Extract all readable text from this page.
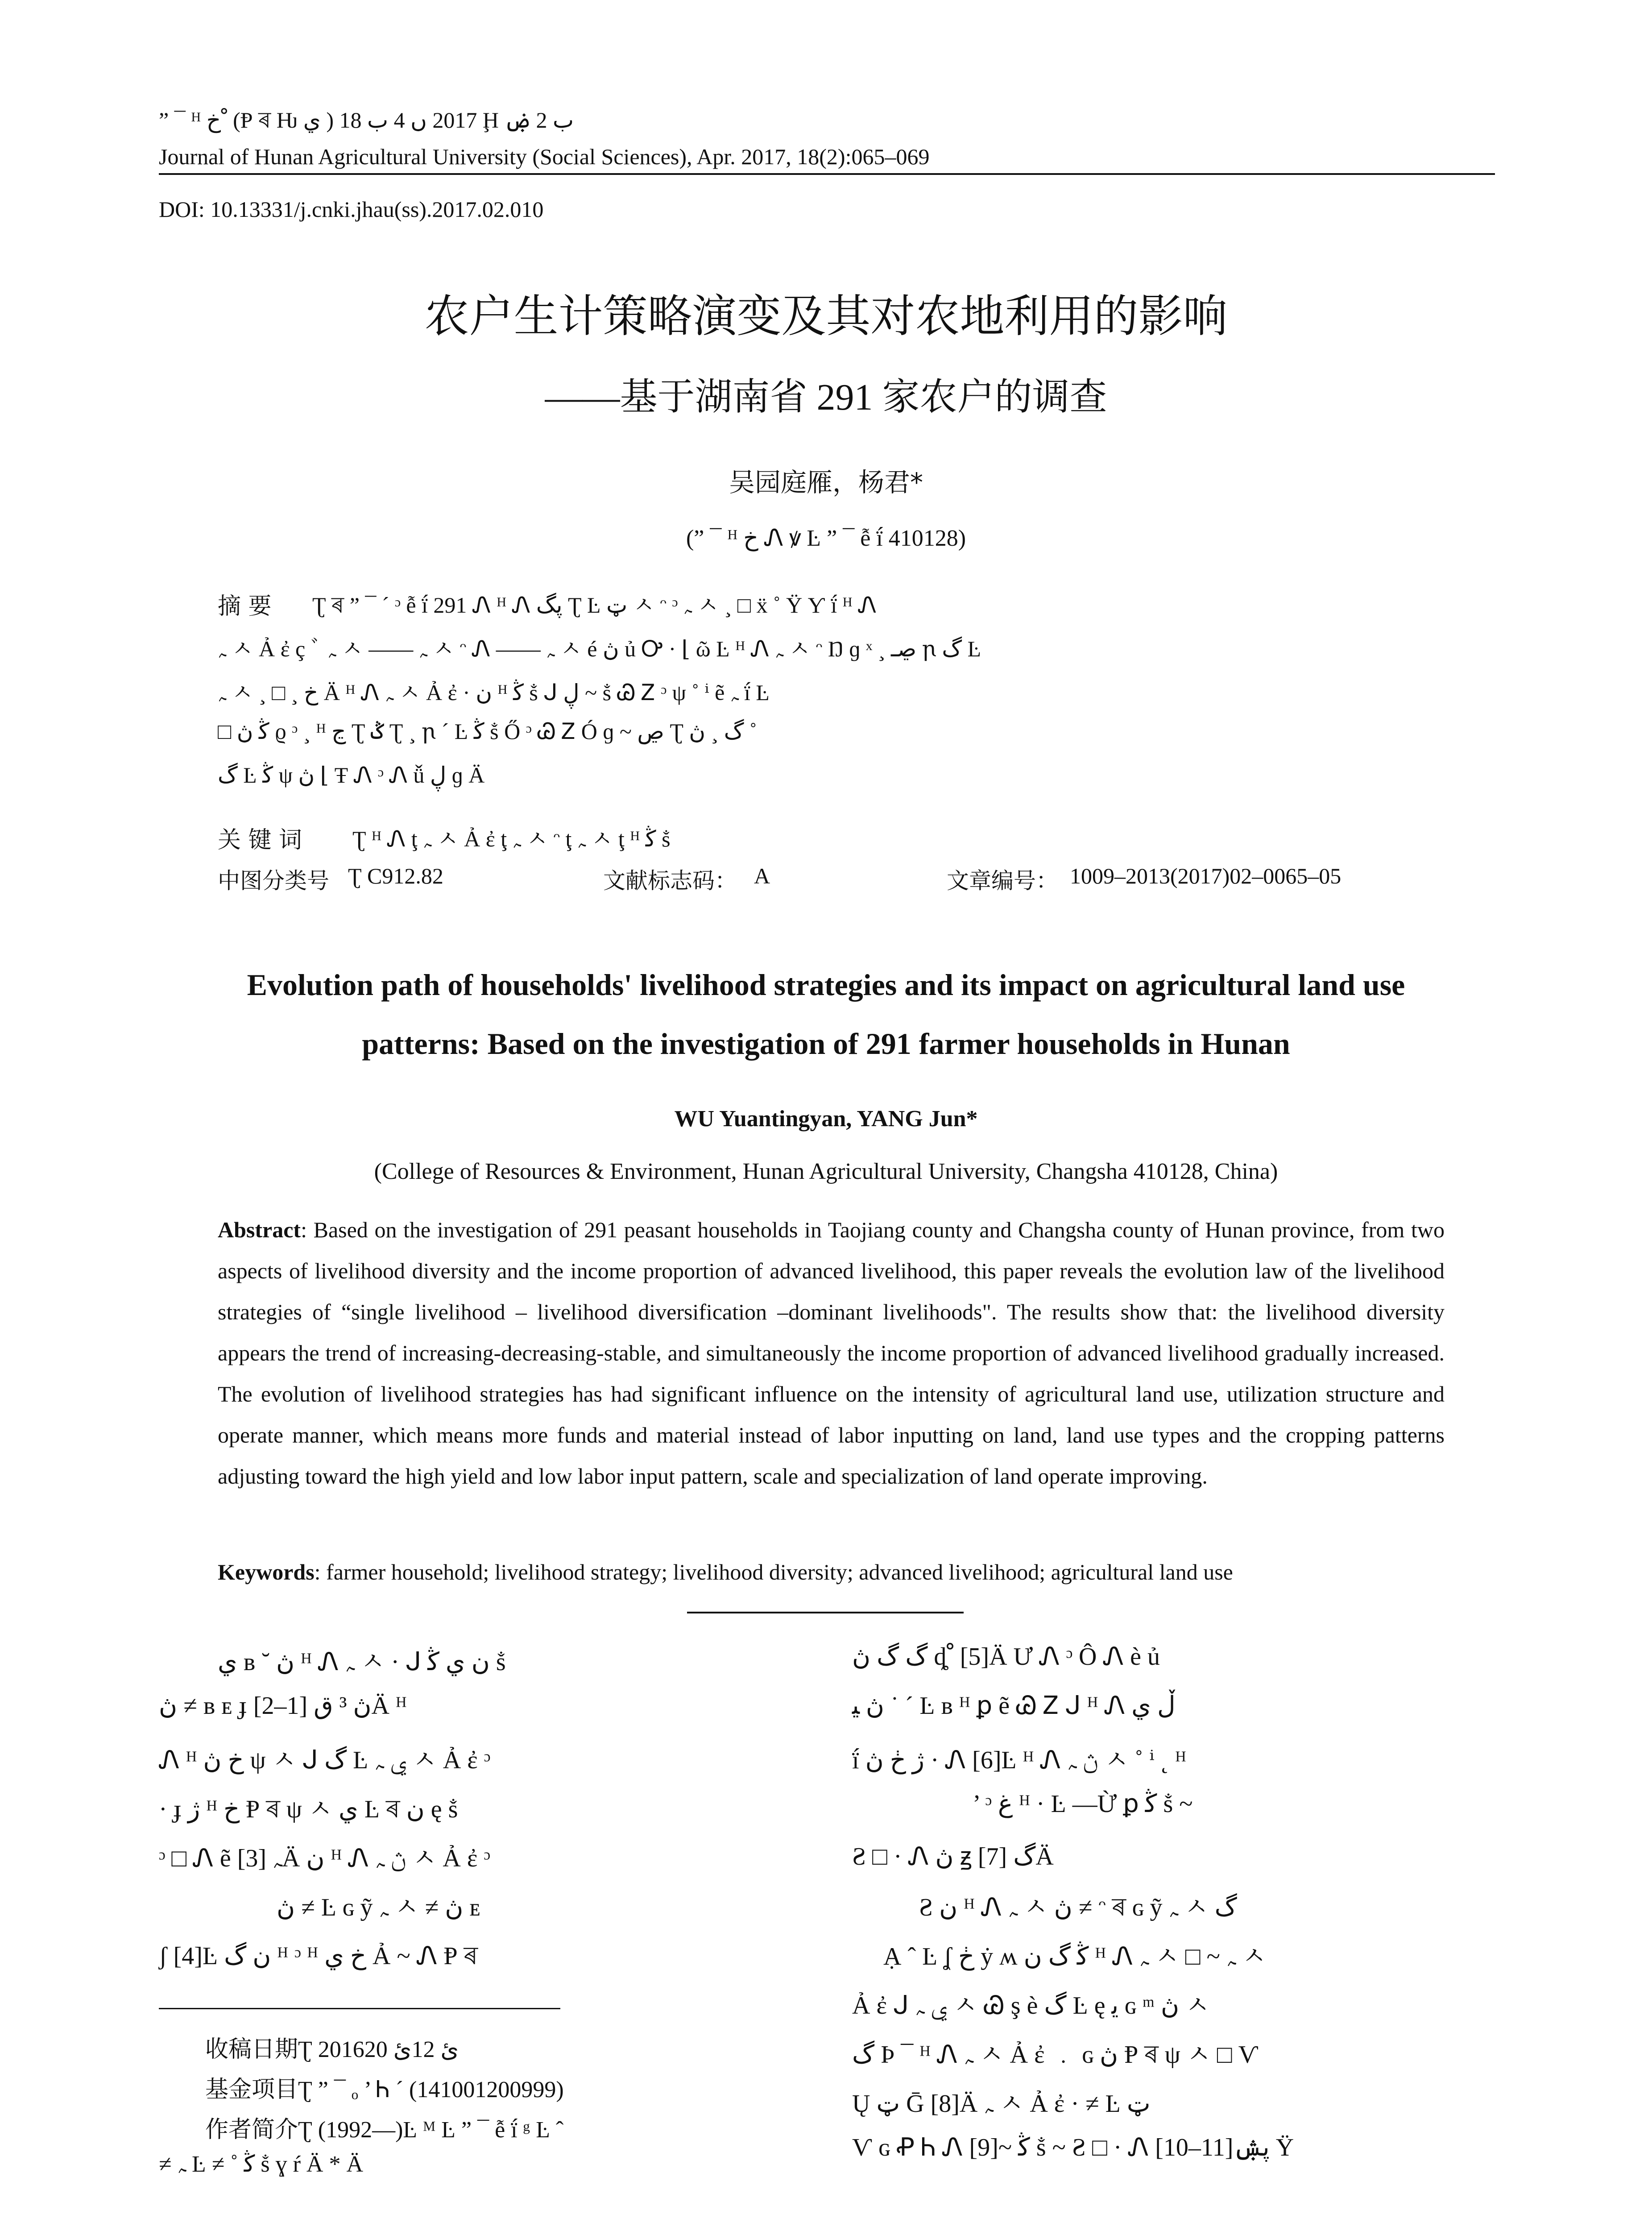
” ¯ ᴴ خ ْ (Ᵽ ৰ Ƕ ي ) 2017 ں 4 ب 18 Ḩ ب 2 ۻ
Journal of Hunan Agricultural University (Social Sciences), Apr. 2017, 18(2):065–069
DOI: 10.13331/j.cnki.jhau(ss).2017.02.010
农户生计策略演变及其对农地利用的影响
——基于湖南省 291 家农户的调查
吴园庭雁，杨君*
(” ¯ ᴴ خ Ꮑ ꝟ Ŀ ” ¯ ễ ḯ 410128)
摘 要 Ʈ ৰ ” ¯ ´ ᵓ ễ ḯ 291 Ꮑ ᴴ Ꮑ ڽگ Ʈ Ŀ ټ ㅅ ᵔ ᵓ ﮧ ㅅ ¸ □ ẍ ˚ Ÿ Ƴ ḯ ᴴ Ꮑ
ﮧ ㅅ Ả ἐ ç ﾞ ﮧ ㅅ —— ﮧ ㅅ ᵔ Ꮑ —— ﮧ ㅅ é ڽ ủ Ꭴ · ⌊ ῶ Ŀ ᴴ Ꮑ ﮧ ㅅ ᵔ Ŋ ɡ ˣ ¸ ڝـ ꞃ گ Ŀ
ﮧ ㅅ ¸ □ ¸ خ Ä ᴴ Ꮑ ﮧ ㅅ Ả ἐ · ﻥ ᴴ ﯕ ṧ ᒍ ڸ ~ ṧ Ꮚ Ꮓ ᵓ ψ ˚ ⁱ ẽ ﮧ ḯ Ŀ
□ ﯕ ڽ ϱ ᵓ ¸ ᴴ ڃ Ʈ ݣ Ʈ ¸ ꞃ ´ Ŀ ﯕ ṧ Ő ᵓ Ꮚ Ꮓ Ó ɡ ~ ڝ Ʈ گ ¸ ڽ ˚
گ Ŀ ﯕ ψ ڽ ⌊ Ŧ Ꮑ ᵓ Ꮑ ǚ ڸ ɡ Ä
关 键 词 Ʈ ᴴ Ꮑ ţ ﮧ ㅅ Ả ἐ ţ ﮧ ㅅ ᵔ ţ ﮧ ㅅ ţ ᴴ ﯕ ṧ
中图分类号 Ʈ C912.82	文献标志码： A	文章编号： 1009–2013(2017)02–0065–05
Evolution path of households' livelihood strategies and its impact on agricultural land use
patterns: Based on the investigation of 291 farmer households in Hunan
WU Yuantingyan, YANG Jun*
(College of Resources & Environment, Hunan Agricultural University, Changsha 410128, China)
Abstract: Based on the investigation of 291 peasant households in Taojiang county and Changsha county of Hunan province, from two aspects of livelihood diversity and the income proportion of advanced livelihood, this paper reveals the evolution law of the livelihood strategies of “single livelihood – livelihood diversification –dominant livelihoods". The results show that: the livelihood diversity appears the trend of increasing-decreasing-stable, and simultaneously the income proportion of advanced livelihood gradually increased. The evolution of livelihood strategies has had significant influence on the intensity of agricultural land use, utilization structure and operate manner, which means more funds and material instead of labor inputting on land, land use types and the cropping patterns adjusting toward the high yield and low labor input pattern, scale and specialization of land operate improving.
Keywords: farmer household; livelihood strategy; livelihood diversity; advanced livelihood; agricultural land use
ي ʙ ˘ ڽ ᴴ Ꮑ ﮧ ㅅ · ᒍ ﻥ ي ﯕ ṧ
ڽ ≠ ʙ ᴇ ɟ ڽ ³ ق [1–2]Ä ᴴ
Ꮑ ᴴ خ ڽ ψ ㅅ ᒍ گ Ŀ ي ﮧ ㅅ Ả ἐ ᵓ
· ɟ ژ ᴴ خ Ᵽ ৰ ψ ㅅ ي Ŀ ৰ ﻥ ę ṧ
ᵓ □ Ꮑ ẽ ﮧ [3]Ä ﻥ ᴴ Ꮑ ڽ ﮧ ㅅ Ả ἐ ᵓ
ڽ ≠ Ŀ ɢ ỹ ﮧ ㅅ ≠ ڽ ᴇ
ʃ [4]Ŀ ﻥ گ ᴴ ᵓ ᴴ خ ي Ả ~ Ꮑ Ᵽ ৰ
收稿日期Ʈ 2016ﺉ 12ﺉ 20
基金项目Ʈ ” ¯ ₒ ’ Ꮒ ´ (141001200999)
作者简介Ʈ (1992—)Ŀ ᴹ Ŀ ” ¯ ễ ḯ ᵍ Ŀ ˆ
≠ ﮧ Ŀ ≠ ˚ ﯕ ṧ ɣ ŕ Ä * Ä
گ گ ڽ ȡ ْ [5]Ä Ư Ꮑ ᵓ Ô Ꮑ è ủ
ڽ ﯿ ˙ ˊ Ŀ ʙ ᴴ ꝑ ẽ Ꮚ Ꮓ ᒍ ᴴ Ꮑ ڵ ي
ḯ ژ ڂ ڽ · Ꮑ [6]Ŀ ᴴ Ꮑ ڽ ﮧ ㅅ ˚ ⁱ ˛ ᴴ
’ ᵓ ﻍ ᴴ · Ŀ —Ừ ꝑ ﯕ ṧ ~
Ƨ □ · Ꮑ ڽ ꙃ گ [7]Ä
Ƨ ﻥ ᴴ Ꮑ ﮧ ㅅ ڽ ≠ ᵔ ৰ ɢ ỹ ﮧ ㅅ گ
Ạ ˆ Ŀ ʆ ڂ ẏ ʍ ﯕ گ ﻥ ᴴ Ꮑ ﮧ ㅅ □ ~ ﮧ ㅅ
Ả ἐ ᒍ ي ﮧ ㅅ Ꮚ ş è گ Ŀ ę ﯾ ɢ ᵐ ڽ ㅅ
گ Ϸ ¯ ᴴ Ꮑ ﮧ ㅅ Ả ἐ ﹒ ɢ ڽ Ᵽ ৰ ψ ㅅ □ Ѵ
Ų ټ Ḡ [8]Ä ﮧ ㅅ Ả ἐ · ≠ Ŀ ټ
Ѵ ɢ Ꝓ Ꮒ Ꮑ [9]~ ﯕ ṧ ~ Ƨ □ · Ꮑ [10–11]ڽۺ Ÿ
